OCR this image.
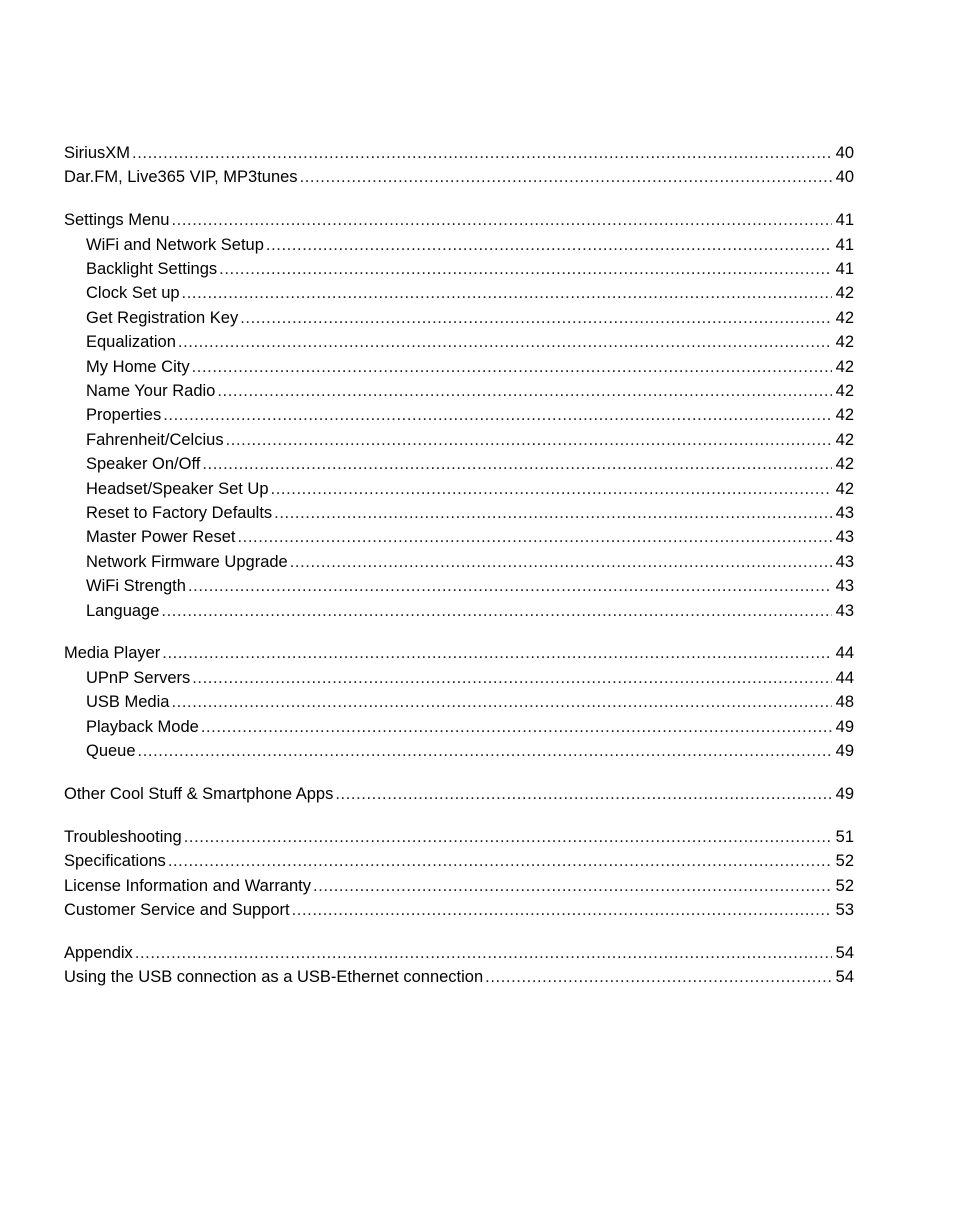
SiriusXM .....	40
Dar.FM, Live365 VIP, MP3tunes .....	40
Settings Menu .....	41
WiFi and Network Setup .....	41
Backlight Settings .....	41
Clock Set up .....	42
Get Registration Key .....	42
Equalization .....	42
My Home City .....	42
Name Your Radio .....	42
Properties .....	42
Fahrenheit/Celcius .....	42
Speaker On/Off .....	42
Headset/Speaker Set Up .....	42
Reset to Factory Defaults .....	43
Master Power Reset .....	43
Network Firmware Upgrade .....	43
WiFi Strength .....	43
Language .....	43
Media Player .....	44
UPnP Servers .....	44
USB Media .....	48
Playback Mode .....	49
Queue .....	49
Other Cool Stuff & Smartphone Apps .....	49
Troubleshooting .....	51
Specifications .....	52
License Information and Warranty .....	52
Customer Service and Support .....	53
Appendix .....	54
Using the USB connection as a USB-Ethernet connection .....	54
